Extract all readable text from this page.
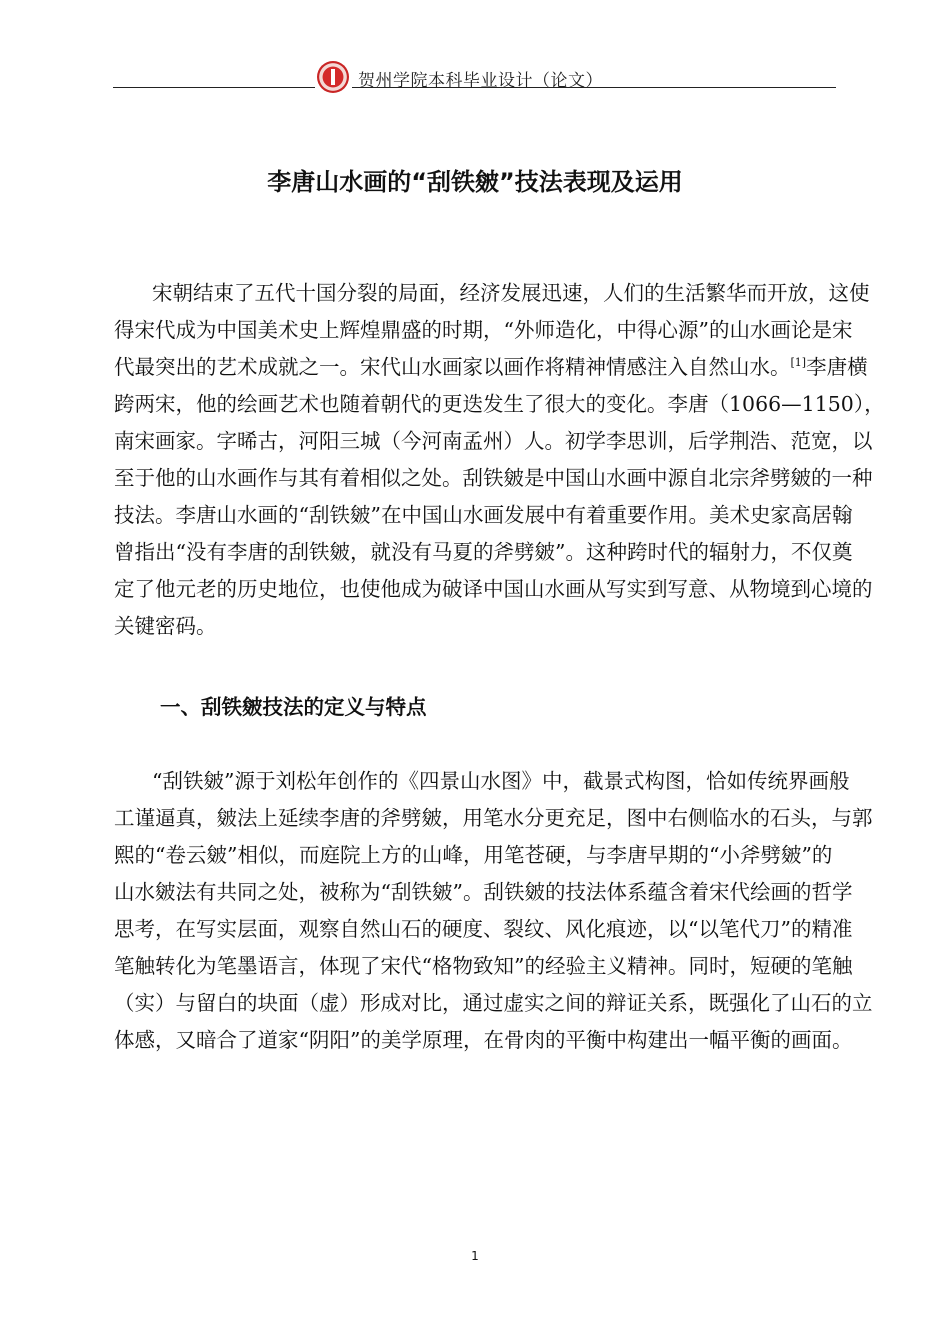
贺州学院本科毕业设计（论文）
李唐山水画的“刮铁皴”技法表现及运用
宋朝结束了五代十国分裂的局面，经济发展迅速，人们的生活繁华而开放，这使
得宋代成为中国美术史上辉煌鼎盛的时期，“外师造化，中得心源”的山水画论是宋
代最突出的艺术成就之一。宋代山水画家以画作将精神情感注入自然山水。[1]李唐横
跨两宋，他的绘画艺术也随着朝代的更迭发生了很大的变化。李唐（1066—1150），
南宋画家。字晞古，河阳三城（今河南孟州）人。初学李思训，后学荆浩、范宽，以
至于他的山水画作与其有着相似之处。刮铁皴是中国山水画中源自北宗斧劈皴的一种
技法。李唐山水画的“刮铁皴”在中国山水画发展中有着重要作用。美术史家高居翰
曾指出“没有李唐的刮铁皴，就没有马夏的斧劈皴”。这种跨时代的辐射力，不仅奠
定了他元老的历史地位，也使他成为破译中国山水画从写实到写意、从物境到心境的
关键密码。
一、刮铁皴技法的定义与特点
“刮铁皴”源于刘松年创作的《四景山水图》中，截景式构图，恰如传统界画般
工谨逼真，皴法上延续李唐的斧劈皴，用笔水分更充足，图中右侧临水的石头，与郭
熙的“卷云皴”相似，而庭院上方的山峰，用笔苍硬，与李唐早期的“小斧劈皴”的
山水皴法有共同之处，被称为“刮铁皴”。刮铁皴的技法体系蕴含着宋代绘画的哲学
思考，在写实层面，观察自然山石的硬度、裂纹、风化痕迹，以“以笔代刀”的精准
笔触转化为笔墨语言，体现了宋代“格物致知”的经验主义精神。同时，短硬的笔触
（实）与留白的块面（虚）形成对比，通过虚实之间的辩证关系，既强化了山石的立
体感，又暗合了道家“阴阳”的美学原理，在骨肉的平衡中构建出一幅平衡的画面。
1
